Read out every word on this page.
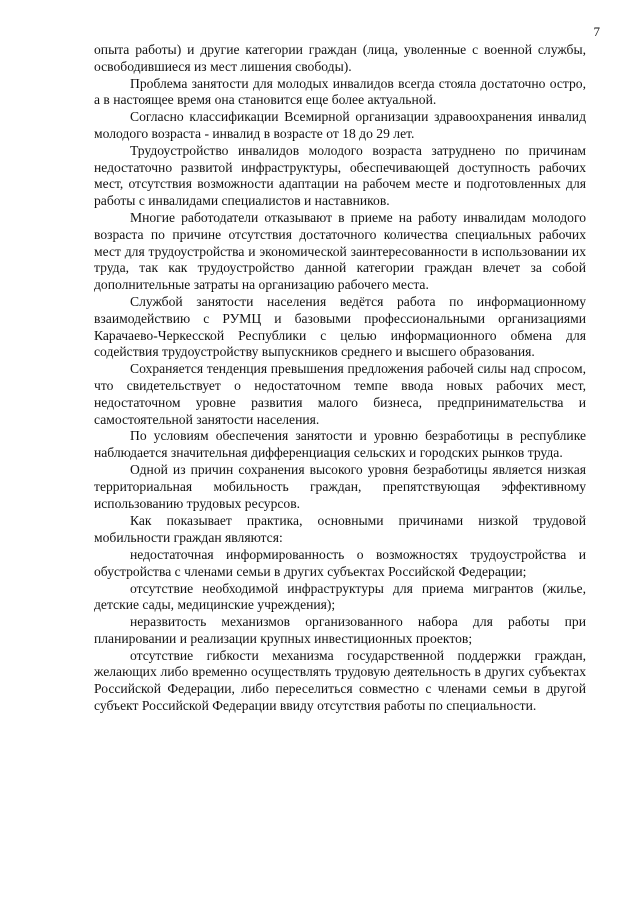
7

опыта работы) и другие категории граждан (лица, уволенные с военной службы, освободившиеся из мест лишения свободы).

Проблема занятости для молодых инвалидов всегда стояла достаточно остро, а в настоящее время она становится еще более актуальной.

Согласно классификации Всемирной организации здравоохранения инвалид молодого возраста - инвалид в возрасте от 18 до 29 лет.

Трудоустройство инвалидов молодого возраста затруднено по причинам недостаточно развитой инфраструктуры, обеспечивающей доступность рабочих мест, отсутствия возможности адаптации на рабочем месте и подготовленных для работы с инвалидами специалистов и наставников.

Многие работодатели отказывают в приеме на работу инвалидам молодого возраста по причине отсутствия достаточного количества специальных рабочих мест для трудоустройства и экономической заинтересованности в использовании их труда, так как трудоустройство данной категории граждан влечет за собой дополнительные затраты на организацию рабочего места.

Службой занятости населения ведётся работа по информационному взаимодействию с РУМЦ и базовыми профессиональными организациями Карачаево-Черкесской Республики с целью информационного обмена для содействия трудоустройству выпускников среднего и высшего образования.

Сохраняется тенденция превышения предложения рабочей силы над спросом, что свидетельствует о недостаточном темпе ввода новых рабочих мест, недостаточном уровне развития малого бизнеса, предпринимательства и самостоятельной занятости населения.

По условиям обеспечения занятости и уровню безработицы в республике наблюдается значительная дифференциация сельских и городских рынков труда.

Одной из причин сохранения высокого уровня безработицы является низкая территориальная мобильность граждан, препятствующая эффективному использованию трудовых ресурсов.

Как показывает практика, основными причинами низкой трудовой мобильности граждан являются:

недостаточная информированность о возможностях трудоустройства и обустройства с членами семьи в других субъектах Российской Федерации;

отсутствие необходимой инфраструктуры для приема мигрантов (жилье, детские сады, медицинские учреждения);

неразвитость механизмов организованного набора для работы при планировании и реализации крупных инвестиционных проектов;

отсутствие гибкости механизма государственной поддержки граждан, желающих либо временно осуществлять трудовую деятельность в других субъектах Российской Федерации, либо переселиться совместно с членами семьи в другой субъект Российской Федерации ввиду отсутствия работы по специальности.
